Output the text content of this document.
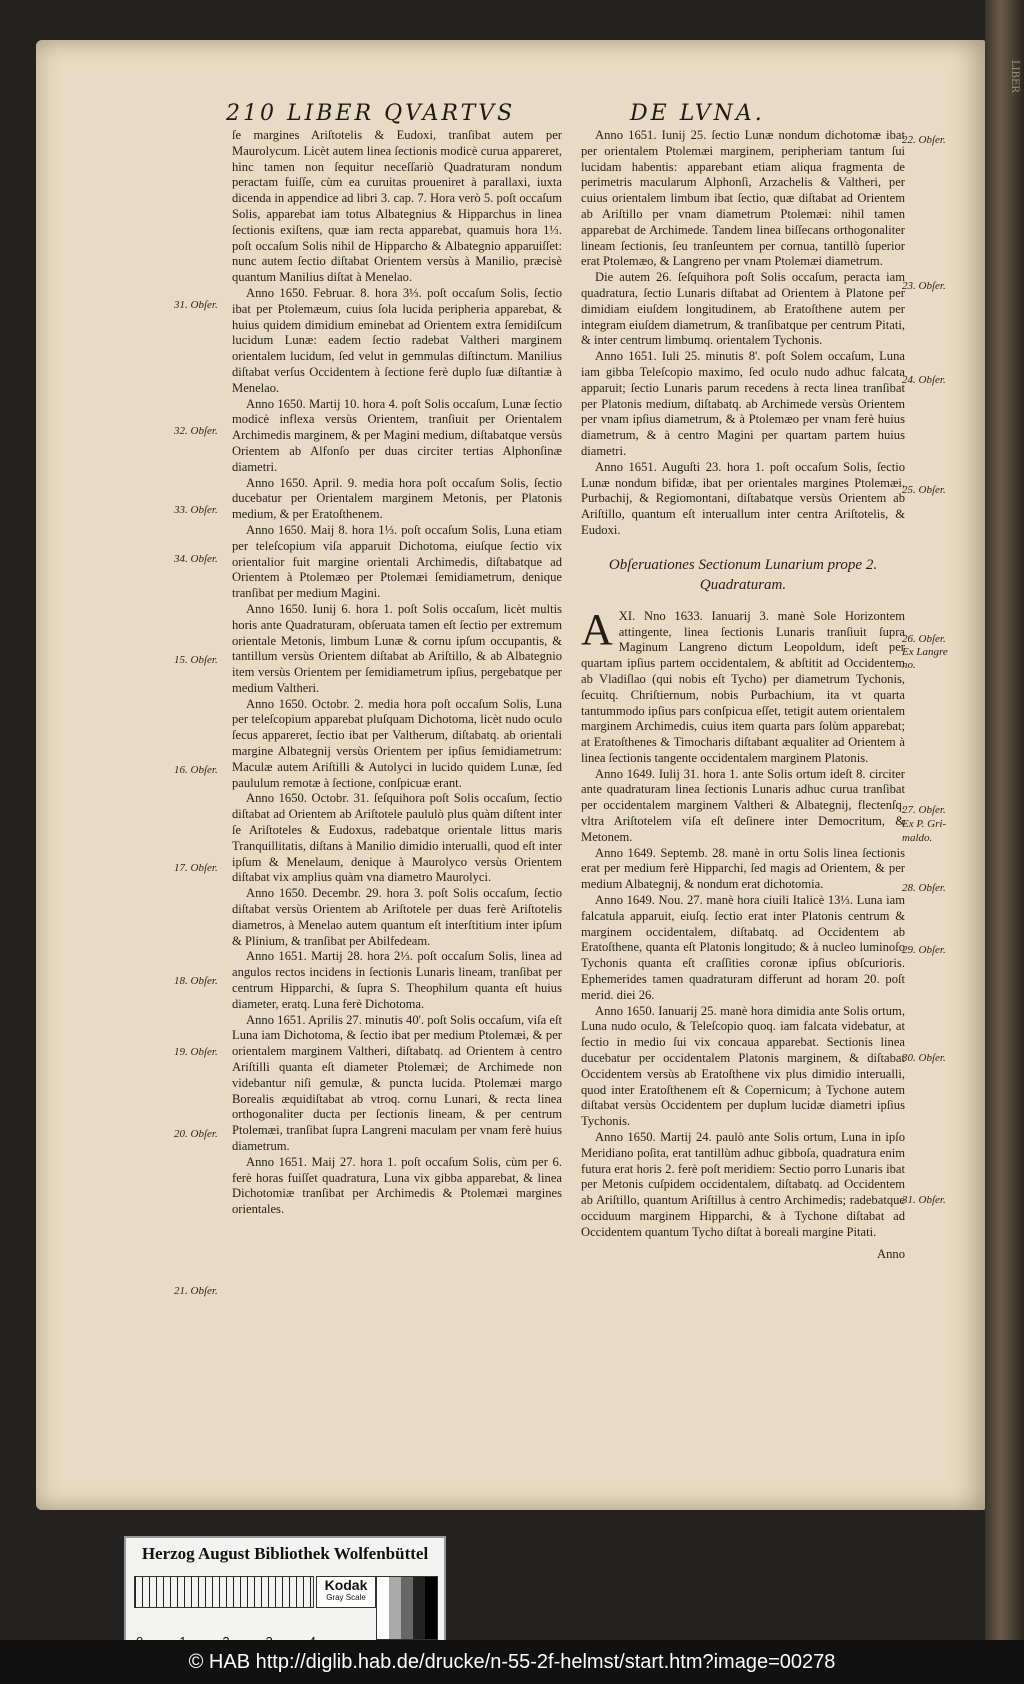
LIBER
210 LIBER QVARTVS	DE LVNA.

ſe margines Ariſtotelis & Eudoxi, tranſibat autem per Maurolycum. Licèt autem linea ſectionis modicè curua appareret, hinc tamen non ſequitur neceſſariò Quadraturam nondum peractam fuiſſe, cùm ea curuitas proueniret à parallaxi, iuxta dicenda in appendice ad libri 3. cap. 7. Hora verò 5. poſt occaſum Solis, apparebat iam totus Albategnius & Hipparchus in linea ſectionis exiſtens, quæ iam recta apparebat, quamuis hora 1⅓. poſt occaſum Solis nihil de Hipparcho & Albategnio apparuiſſet: nunc autem ſectio diſtabat Orientem versùs à Manilio, præcisè quantum Manilius diſtat à Menelao.

Anno 1650. Februar. 8. hora 3⅓. poſt occaſum Solis, ſectio ibat per Ptolemæum, cuius ſola lucida peripheria apparebat, & huius quidem dimidium eminebat ad Orientem extra ſemidiſcum lucidum Lunæ: eadem ſectio radebat Valtheri marginem orientalem lucidum, ſed velut in gemmulas diſtinctum. Manilius diſtabat verſus Occidentem à ſectione ferè duplo ſuæ diſtantiæ à Menelao.

Anno 1650. Martij 10. hora 4. poſt Solis occaſum, Lunæ ſectio modicè inflexa versùs Orientem, tranſiuit per Orientalem Archimedis marginem, & per Magini medium, diſtabatque versùs Orientem ab Alfonſo per duas circiter tertias Alphonſinæ diametri.

Anno 1650. April. 9. media hora poſt occaſum Solis, ſectio ducebatur per Orientalem marginem Metonis, per Platonis medium, & per Eratoſthenem.

Anno 1650. Maij 8. hora 1⅓. poſt occaſum Solis, Luna etiam per teleſcopium viſa apparuit Dichotoma, eiuſque ſectio vix orientalior fuit margine orientali Archimedis, diſtabatque ad Orientem à Ptolemæo per Ptolemæi ſemidiametrum, denique tranſibat per medium Magini.

Anno 1650. Iunij 6. hora 1. poſt Solis occaſum, licèt multis horis ante Quadraturam, obſeruata tamen eſt ſectio per extremum orientale Metonis, limbum Lunæ & cornu ipſum occupantis, & tantillum versùs Orientem diſtabat ab Ariſtillo, & ab Albategnio item versùs Orientem per ſemidiametrum ipſius, pergebatque per medium Valtheri.

Anno 1650. Octobr. 2. media hora poſt occaſum Solis, Luna per teleſcopium apparebat pluſquam Dichotoma, licèt nudo oculo ſecus appareret, ſectio ibat per Valtherum, diſtabatq. ab orientali margine Albategnij versùs Orientem per ipſius ſemidiametrum: Maculæ autem Ariſtilli & Autolyci in lucido quidem Lunæ, ſed paululum remotæ à ſectione, conſpicuæ erant.

Anno 1650. Octobr. 31. ſeſquihora poſt Solis occaſum, ſectio diſtabat ad Orientem ab Ariſtotele paululò plus quàm diſtent inter ſe Ariſtoteles & Eudoxus, radebatque orientale littus maris Tranquillitatis, diſtans à Manilio dimidio interualli, quod eſt inter ipſum & Menelaum, denique à Maurolyco versùs Orientem diſtabat vix amplius quàm vna diametro Maurolyci.

Anno 1650. Decembr. 29. hora 3. poſt Solis occaſum, ſectio diſtabat versùs Orientem ab Ariſtotele per duas ferè Ariſtotelis diametros, à Menelao autem quantum eſt interſtitium inter ipſum & Plinium, & tranſibat per Abilfedeam.

Anno 1651. Martij 28. hora 2⅓. poſt occaſum Solis, linea ad angulos rectos incidens in ſectionis Lunaris lineam, tranſibat per centrum Hipparchi, & ſupra S. Theophilum quanta eſt huius diameter, eratq. Luna ferè Dichotoma.

Anno 1651. Aprilis 27. minutis 40'. poſt Solis occaſum, viſa eſt Luna iam Dichotoma, & ſectio ibat per medium Ptolemæi, & per orientalem marginem Valtheri, diſtabatq. ad Orientem à centro Ariſtilli quanta eſt diameter Ptolemæi; de Archimede non videbantur niſi gemulæ, & puncta lucida. Ptolemæi margo Borealis æquidiſtabat ab vtroq. cornu Lunari, & recta linea orthogonaliter ducta per ſectionis lineam, & per centrum Ptolemæi, tranſibat ſupra Langreni maculam per vnam ferè huius diametrum.

Anno 1651. Maij 27. hora 1. poſt occaſum Solis, cùm per 6. ferè horas fuiſſet quadratura, Luna vix gibba apparebat, & linea Dichotomiæ tranſibat per Archimedis & Ptolemæi margines orientales.

Anno 1651. Iunij 25. ſectio Lunæ nondum dichotomæ ibat per orientalem Ptolemæi marginem, peripheriam tantum ſui lucidam habentis: apparebant etiam aliqua fragmenta de perimetris macularum Alphonſi, Arzachelis & Valtheri, per cuius orientalem limbum ibat ſectio, quæ diſtabat ad Orientem ab Ariſtillo per vnam diametrum Ptolemæi: nihil tamen apparebat de Archimede. Tandem linea biſſecans orthogonaliter lineam ſectionis, ſeu tranſeuntem per cornua, tantillò ſuperior erat Ptolemæo, & Langreno per vnam Ptolemæi diametrum.

Die autem 26. ſeſquihora poſt Solis occaſum, peracta iam quadratura, ſectio Lunaris diſtabat ad Orientem à Platone per dimidiam eiuſdem longitudinem, ab Eratoſthene autem per integram eiuſdem diametrum, & tranſibatque per centrum Pitati, & inter centrum limbumq. orientalem Tychonis.

Anno 1651. Iuli 25. minutis 8'. poſt Solem occaſum, Luna iam gibba Teleſcopio maximo, ſed oculo nudo adhuc falcata apparuit; ſectio Lunaris parum recedens à recta linea tranſibat per Platonis medium, diſtabatq. ab Archimede versùs Orientem per vnam ipſius diametrum, & à Ptolemæo per vnam ferè huius diametrum, & à centro Magini per quartam partem huius diametri.

Anno 1651. Auguſti 23. hora 1. poſt occaſum Solis, ſectio Lunæ nondum bifidæ, ibat per orientales margines Ptolemæi, Purbachij, & Regiomontani, diſtabatque versùs Orientem ab Ariſtillo, quantum eſt interuallum inter centra Ariſtotelis, & Eudoxi.

Obſeruationes Sectionum Lunarium prope 2. Quadraturam.

XI.
A Nno 1633. Ianuarij 3. manè Sole Horizontem attingente, linea ſectionis Lunaris tranſiuit ſupra Maginum Langreno dictum Leopoldum, ideſt per quartam ipſius partem occidentalem, & abſtitit ad Occidentem ab Vladiſlao (qui nobis eſt Tycho) per diametrum Tychonis, ſecuitq. Chriſtiernum, nobis Purbachium, ita vt quarta tantummodo ipſius pars conſpicua eſſet, tetigit autem orientalem marginem Archimedis, cuius item quarta pars ſolùm apparebat; at Eratoſthenes & Timocharis diſtabant æqualiter ad Orientem à linea ſectionis tangente occidentalem marginem Platonis.

Anno 1649. Iulij 31. hora 1. ante Solis ortum ideſt 8. circiter ante quadraturam linea ſectionis Lunaris adhuc curua tranſibat per occidentalem marginem Valtheri & Albategnij, flectenſq. vltra Ariſtotelem viſa eſt deſinere inter Democritum, & Metonem.

Anno 1649. Septemb. 28. manè in ortu Solis linea ſectionis erat per medium ferè Hipparchi, ſed magis ad Orientem, & per medium Albategnij, & nondum erat dichotomia.

Anno 1649. Nou. 27. manè hora ciuili Italicè 13⅓. Luna iam falcatula apparuit, eiuſq. ſectio erat inter Platonis centrum & marginem occidentalem, diſtabatq. ad Occidentem ab Eratoſthene, quanta eſt Platonis longitudo; & à nucleo luminoſo Tychonis quanta eſt craſſities coronæ ipſius obſcurioris. Ephemerides tamen quadraturam differunt ad horam 20. poſt merid. diei 26.

Anno 1650. Ianuarij 25. manè hora dimidia ante Solis ortum, Luna nudo oculo, & Teleſcopio quoq. iam falcata videbatur, at ſectio in medio ſui vix concaua apparebat. Sectionis linea ducebatur per occidentalem Platonis marginem, & diſtabat Occidentem versùs ab Eratoſthene vix plus dimidio interualli, quod inter Eratoſthenem eſt & Copernicum; à Tychone autem diſtabat versùs Occidentem per duplum lucidæ diametri ipſius Tychonis.

Anno 1650. Martij 24. paulò ante Solis ortum, Luna in ipſo Meridiano poſita, erat tantillùm adhuc gibboſa, quadratura enim futura erat horis 2. ferè poſt meridiem: Sectio porro Lunaris ibat per Metonis cuſpidem occidentalem, diſtabatq. ad Occidentem ab Ariſtillo, quantum Ariſtillus à centro Archimedis; radebatque occiduum marginem Hipparchi, & à Tychone diſtabat ad Occidentem quantum Tycho diſtat à boreali margine Pitati.

Anno
31. Obſer.
32. Obſer.
33. Obſer.
34. Obſer.
15. Obſer.
16. Obſer.
17. Obſer.
18. Obſer.
19. Obſer.
20. Obſer.
21. Obſer.
22. Obſer.
23. Obſer.
24. Obſer.
25. Obſer.
26. Obſer.
Ex Langre
no.
27. Obſer.
Ex P. Gri-
maldo.
28. Obſer.
29. Obſer.
30. Obſer.
31. Obſer.
Herzog August Bibliothek Wolfenbüttel
Kodak
Gray Scale
© HAB http://diglib.hab.de/drucke/n-55-2f-helmst/start.htm?image=00278
